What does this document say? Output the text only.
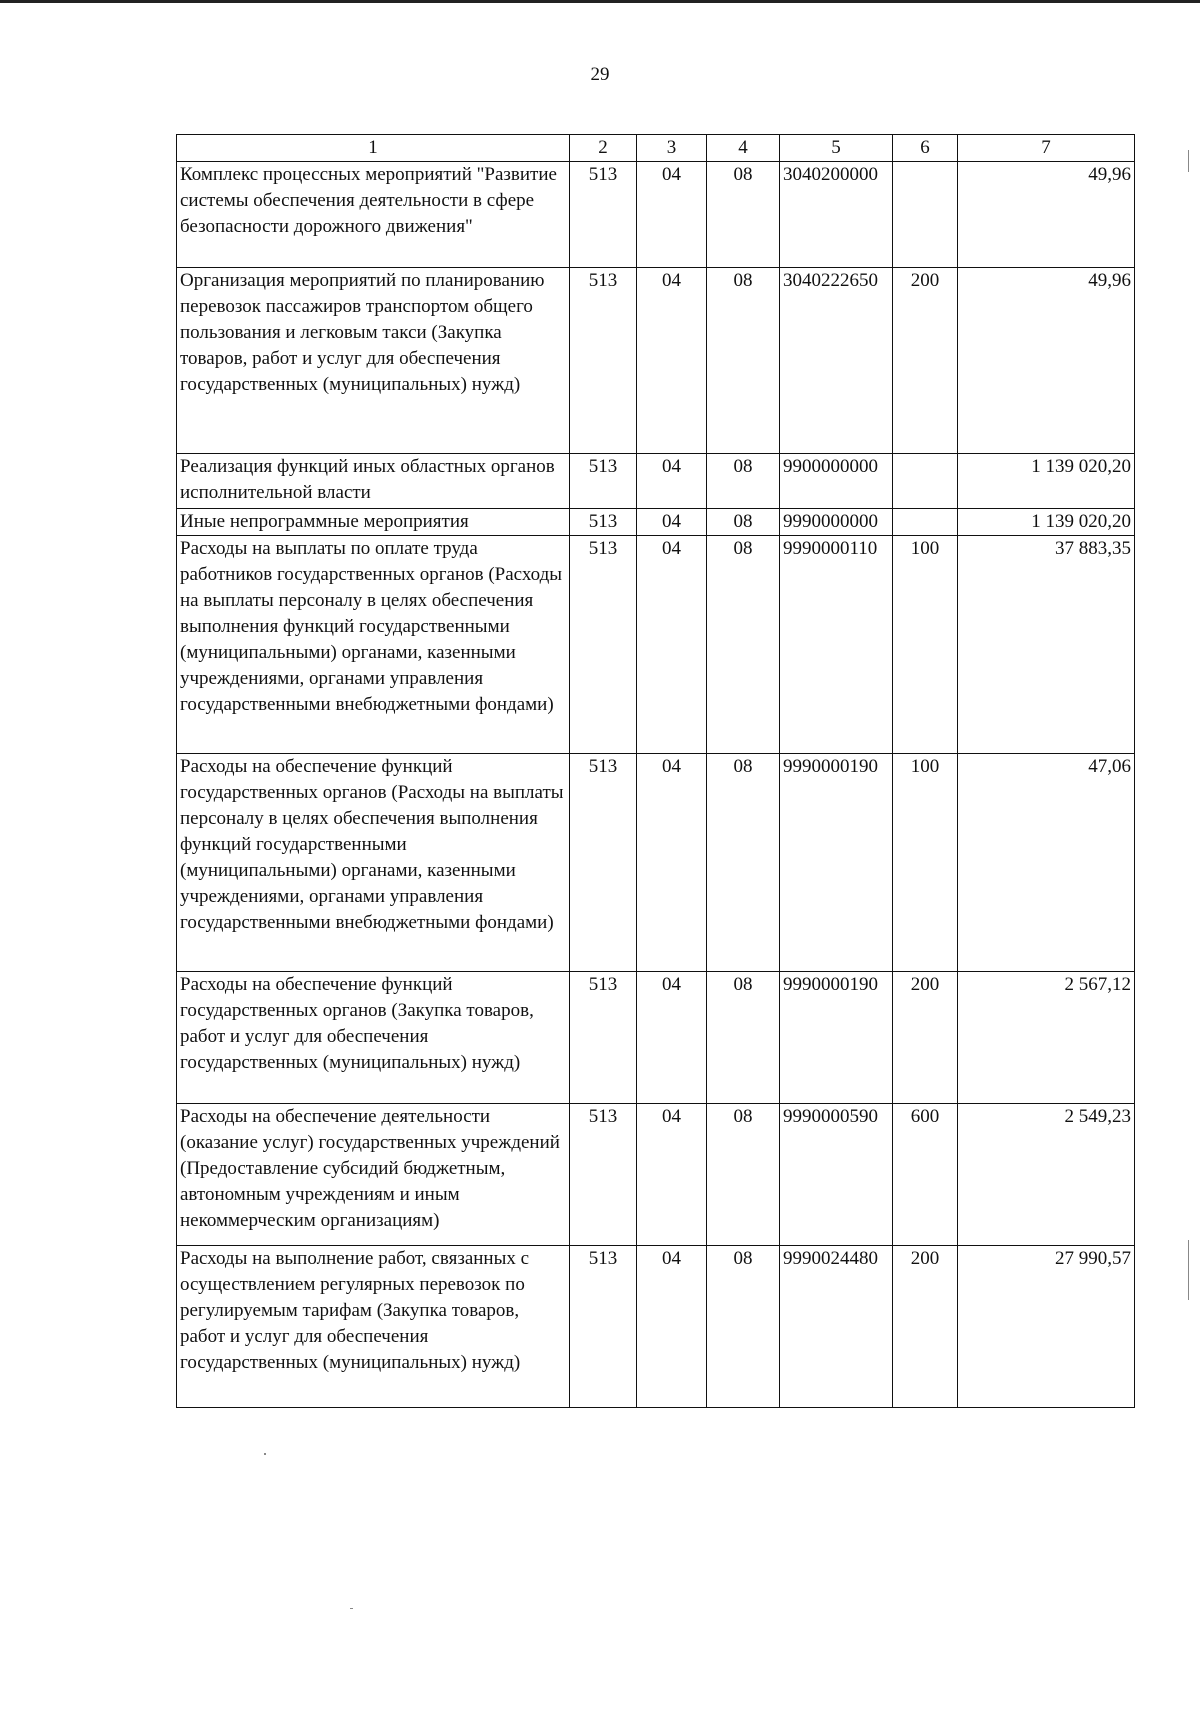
29
1	2	3	4	5	6	7
Комплекс процессных мероприятий "Развитие системы обеспечения деятельности в сфере безопасности дорожного движения"	513	04	08	3040200000		49,96
Организация мероприятий по планированию перевозок пассажиров транспортом общего пользования и легковым такси (Закупка товаров, работ и услуг для обеспечения государственных (муниципальных) нужд)	513	04	08	3040222650	200	49,96
Реализация функций иных областных органов исполнительной власти	513	04	08	9900000000		1 139 020,20
Иные непрограммные мероприятия	513	04	08	9990000000		1 139 020,20
Расходы на выплаты по оплате труда работников государственных органов (Расходы на выплаты персоналу в целях обеспечения выполнения функций государственными (муниципальными) органами, казенными учреждениями, органами управления государственными внебюджетными фондами)	513	04	08	9990000110	100	37 883,35
Расходы на обеспечение функций государственных органов (Расходы на выплаты персоналу в целях обеспечения выполнения функций государственными (муниципальными) органами, казенными учреждениями, органами управления государственными внебюджетными фондами)	513	04	08	9990000190	100	47,06
Расходы на обеспечение функций государственных органов (Закупка товаров, работ и услуг для обеспечения государственных (муниципальных) нужд)	513	04	08	9990000190	200	2 567,12
Расходы на обеспечение деятельности (оказание услуг) государственных учреждений (Предоставление субсидий бюджетным, автономным учреждениям и иным некоммерческим организациям)	513	04	08	9990000590	600	2 549,23
Расходы на выполнение работ, связанных с осуществлением регулярных перевозок по регулируемым тарифам (Закупка товаров, работ и услуг для обеспечения государственных (муниципальных) нужд)	513	04	08	9990024480	200	27 990,57
